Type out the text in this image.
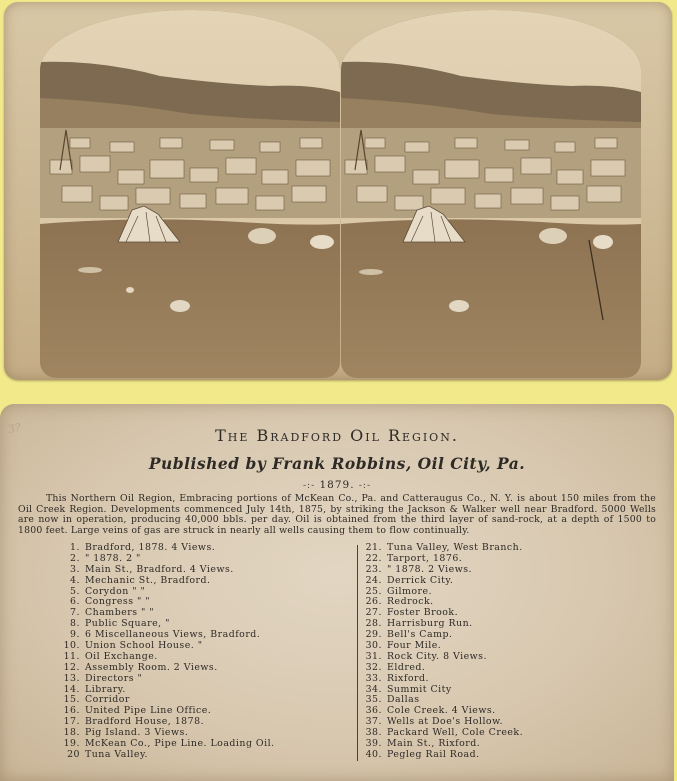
3?	The Bradford Oil Region.
Published by Frank Robbins, Oil City, Pa.
-:- 1879. -:-
This Northern Oil Region, Embracing portions of McKean Co., Pa. and Catteraugus Co., N. Y. is about 150 miles from the Oil Creek Region. Developments commenced July 14th, 1875, by striking the Jackson & Walker well near Bradford. 5000 Wells are now in operation, producing 40,000 bbls. per day. Oil is obtained from the third layer of sand-rock, at a depth of 1500 to 1800 feet. Large veins of gas are struck in nearly all wells causing them to flow continually.
1. Bradford, 1878. 4 Views.
2. " 1878. 2 "
3. Main St., Bradford. 4 Views.
4. Mechanic St., Bradford.
5. Corydon " "
6. Congress " "
7. Chambers " "
8. Public Square, "
9. 6 Miscellaneous Views, Bradford.
10. Union School House. "
11. Oil Exchange.
12. Assembly Room. 2 Views.
13. Directors "
14. Library.
15. Corridor
16. United Pipe Line Office.
17. Bradford House, 1878.
18. Pig Island. 3 Views.
19. McKean Co., Pipe Line. Loading Oil.
20 Tuna Valley.
21. Tuna Valley, West Branch.
22. Tarport, 1876.
23. " 1878. 2 Views.
24. Derrick City.
25. Gilmore.
26. Redrock.
27. Foster Brook.
28. Harrisburg Run.
29. Bell's Camp.
30. Four Mile.
31. Rock City. 8 Views.
32. Eldred.
33. Rixford.
34. Summit City
35. Dallas
36. Cole Creek. 4 Views.
37. Wells at Doe's Hollow.
38. Packard Well, Cole Creek.
39. Main St., Rixford.
40. Pegleg Rail Road.
